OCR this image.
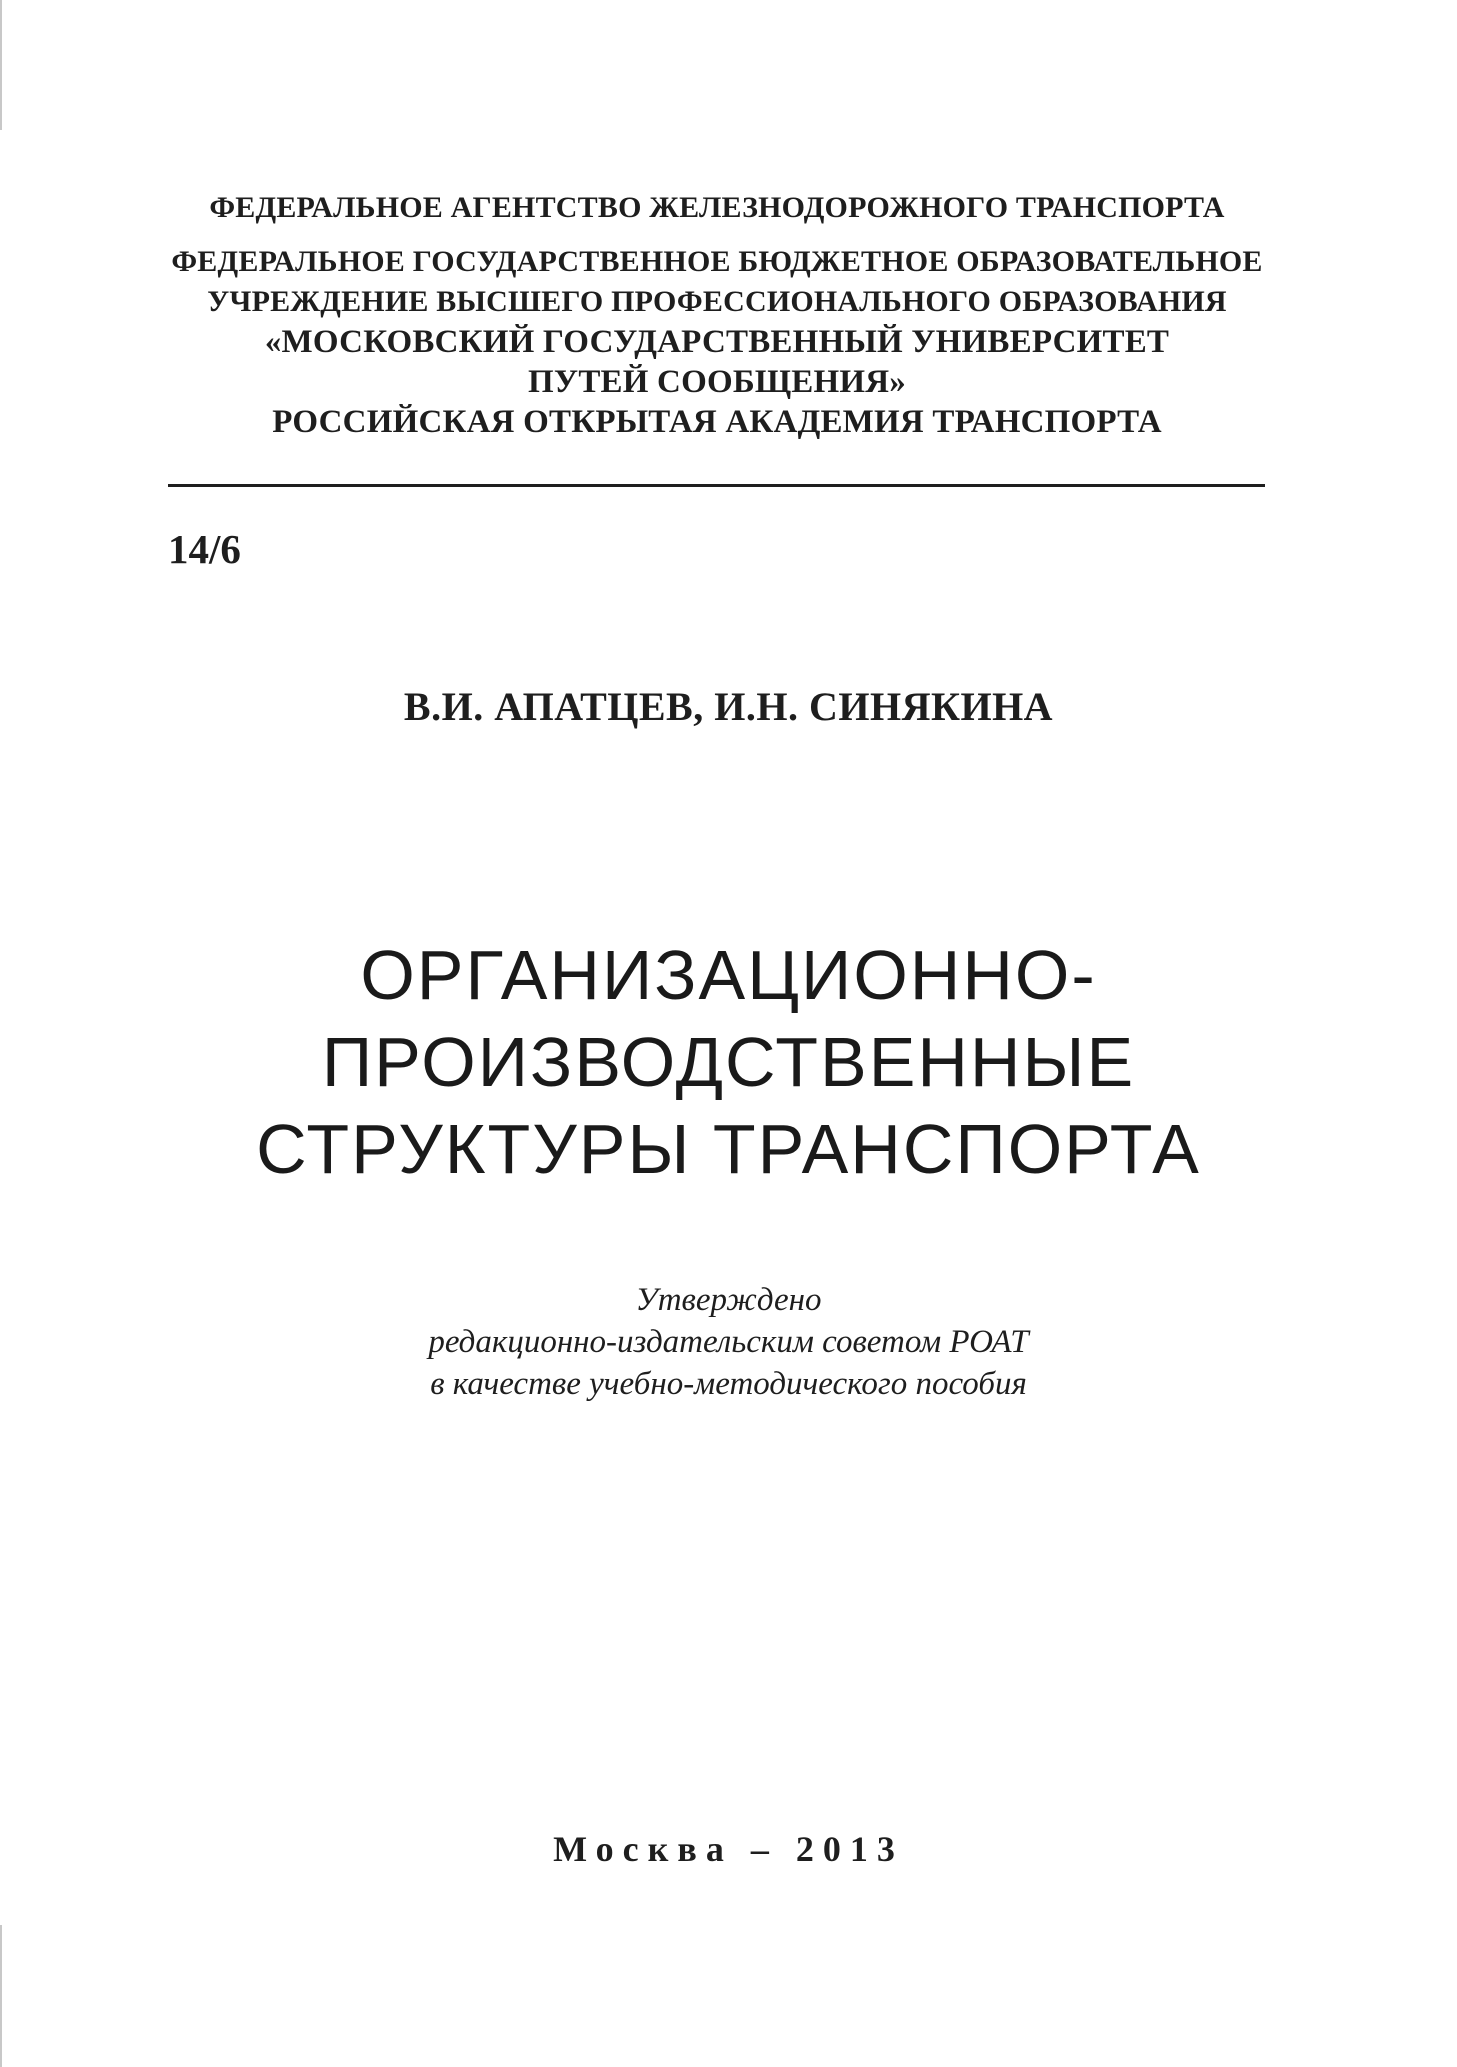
ФЕДЕРАЛЬНОЕ АГЕНТСТВО ЖЕЛЕЗНОДОРОЖНОГО ТРАНСПОРТА
ФЕДЕРАЛЬНОЕ ГОСУДАРСТВЕННОЕ БЮДЖЕТНОЕ ОБРАЗОВАТЕЛЬНОЕ
УЧРЕЖДЕНИЕ ВЫСШЕГО ПРОФЕССИОНАЛЬНОГО ОБРАЗОВАНИЯ
«МОСКОВСКИЙ ГОСУДАРСТВЕННЫЙ УНИВЕРСИТЕТ
ПУТЕЙ СООБЩЕНИЯ»
РОССИЙСКАЯ ОТКРЫТАЯ АКАДЕМИЯ ТРАНСПОРТА
14/6
В.И. АПАТЦЕВ, И.Н. СИНЯКИНА
ОРГАНИЗАЦИОННО-
ПРОИЗВОДСТВЕННЫЕ
СТРУКТУРЫ ТРАНСПОРТА
Утверждено
редакционно-издательским советом РОАТ
в качестве учебно-методического пособия
Москва – 2013
